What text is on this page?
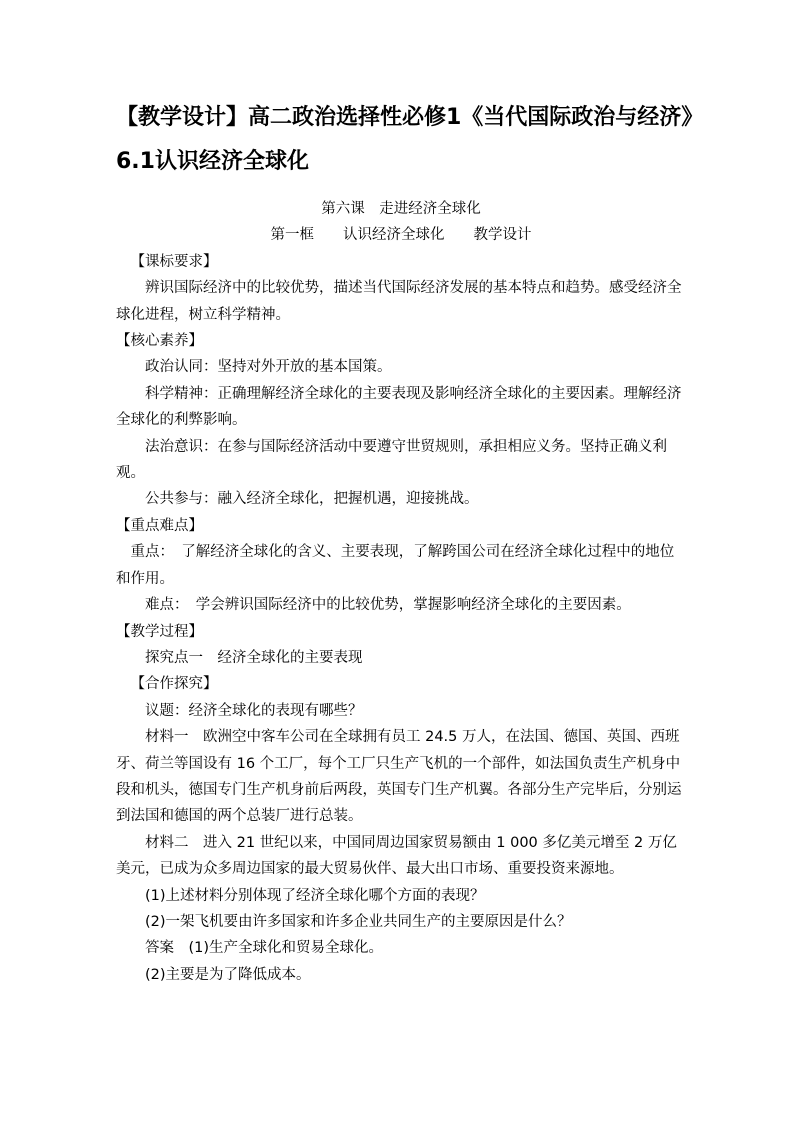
【教学设计】高二政治选择性必修1《当代国际政治与经济》6.1认识经济全球化

第六课　走进经济全球化

第一框　　认识经济全球化　　教学设计

【课标要求】

辨识国际经济中的比较优势，描述当代国际经济发展的基本特点和趋势。感受经济全球化进程，树立科学精神。

【核心素养】

政治认同：坚持对外开放的基本国策。

科学精神：正确理解经济全球化的主要表现及影响经济全球化的主要因素。理解经济全球化的利弊影响。

法治意识：在参与国际经济活动中要遵守世贸规则，承担相应义务。坚持正确义利观。

公共参与：融入经济全球化，把握机遇，迎接挑战。

【重点难点】

重点：　了解经济全球化的含义、主要表现，了解跨国公司在经济全球化过程中的地位和作用。

难点：　学会辨识国际经济中的比较优势，掌握影响经济全球化的主要因素。

【教学过程】

探究点一　经济全球化的主要表现

【合作探究】

议题：经济全球化的表现有哪些？

材料一　欧洲空中客车公司在全球拥有员工 24.5 万人，在法国、德国、英国、西班牙、荷兰等国设有 16 个工厂，每个工厂只生产飞机的一个部件，如法国负责生产机身中段和机头，德国专门生产机身前后两段，英国专门生产机翼。各部分生产完毕后，分别运到法国和德国的两个总装厂进行总装。

材料二　进入 21 世纪以来，中国同周边国家贸易额由 1 000 多亿美元增至 2 万亿美元，已成为众多周边国家的最大贸易伙伴、最大出口市场、重要投资来源地。

(1)上述材料分别体现了经济全球化哪个方面的表现？

(2)一架飞机要由许多国家和许多企业共同生产的主要原因是什么？

答案　(1)生产全球化和贸易全球化。

(2)主要是为了降低成本。
